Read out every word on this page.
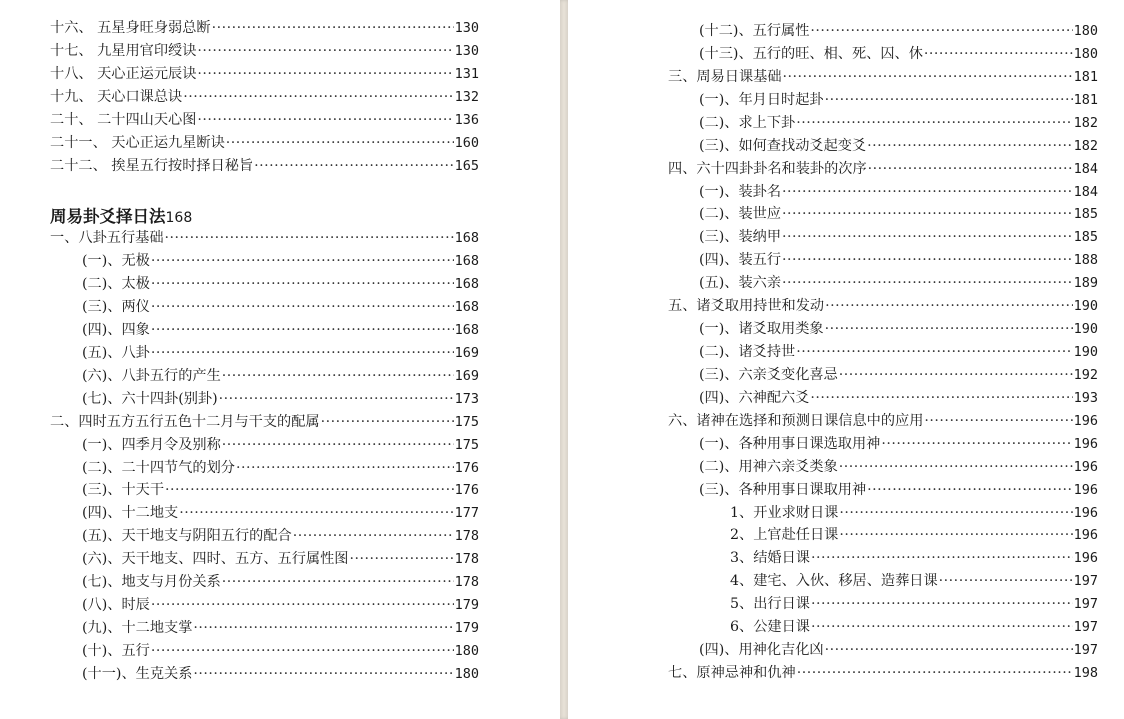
十六、 五星身旺身弱总断 ·····	130
十七、 九星用官印绶诀 ·····	130
十八、 天心正运元辰诀 ·····	131
十九、 天心口课总诀 ·····	132
二十、 二十四山天心图 ·····	136
二十一、 天心正运九星断诀 ·····	160
二十二、 挨星五行按时择日秘旨 ·····	165
一、八卦五行基础 ·····	168
(一)、无极 ·····	168
(二)、太极 ·····	168
(三)、两仪 ·····	168
(四)、四象 ·····	168
(五)、八卦 ·····	169
(六)、八卦五行的产生 ·····	169
(七)、六十四卦(别卦) ·····	173
二、四时五方五行五色十二月与干支的配属 ·····	175
(一)、四季月令及别称 ·····	175
(二)、二十四节气的划分 ·····	176
(三)、十天干 ·····	176
(四)、十二地支 ·····	177
(五)、天干地支与阴阳五行的配合 ·····	178
(六)、天干地支、四时、五方、五行属性图 ·····	178
(七)、地支与月份关系 ·····	178
(八)、时辰 ·····	179
(九)、十二地支掌 ·····	179
(十)、五行 ·····	180
(十一)、生克关系 ·····	180
周易卦爻择日法168
(十二)、五行属性 ·····	180
(十三)、五行的旺、相、死、囚、休 ·····	180
三、周易日课基础 ·····	181
(一)、年月日时起卦 ·····	181
(二)、求上下卦 ·····	182
(三)、如何查找动爻起变爻 ·····	182
四、六十四卦卦名和装卦的次序 ·····	184
(一)、装卦名 ·····	184
(二)、装世应 ·····	185
(三)、装纳甲 ·····	185
(四)、装五行 ·····	188
(五)、装六亲 ·····	189
五、诸爻取用持世和发动 ·····	190
(一)、诸爻取用类象 ·····	190
(二)、诸爻持世 ·····	190
(三)、六亲爻变化喜忌 ·····	192
(四)、六神配六爻 ·····	193
六、诸神在选择和预测日课信息中的应用 ·····	196
(一)、各种用事日课选取用神 ·····	196
(二)、用神六亲爻类象 ·····	196
(三)、各种用事日课取用神 ·····	196
1、开业求财日课 ·····	196
2、上官赴任日课 ·····	196
3、结婚日课 ·····	196
4、建宅、入伙、移居、造葬日课 ·····	197
5、出行日课 ·····	197
6、公建日课 ·····	197
(四)、用神化吉化凶 ·····	197
七、原神忌神和仇神 ·····	198
